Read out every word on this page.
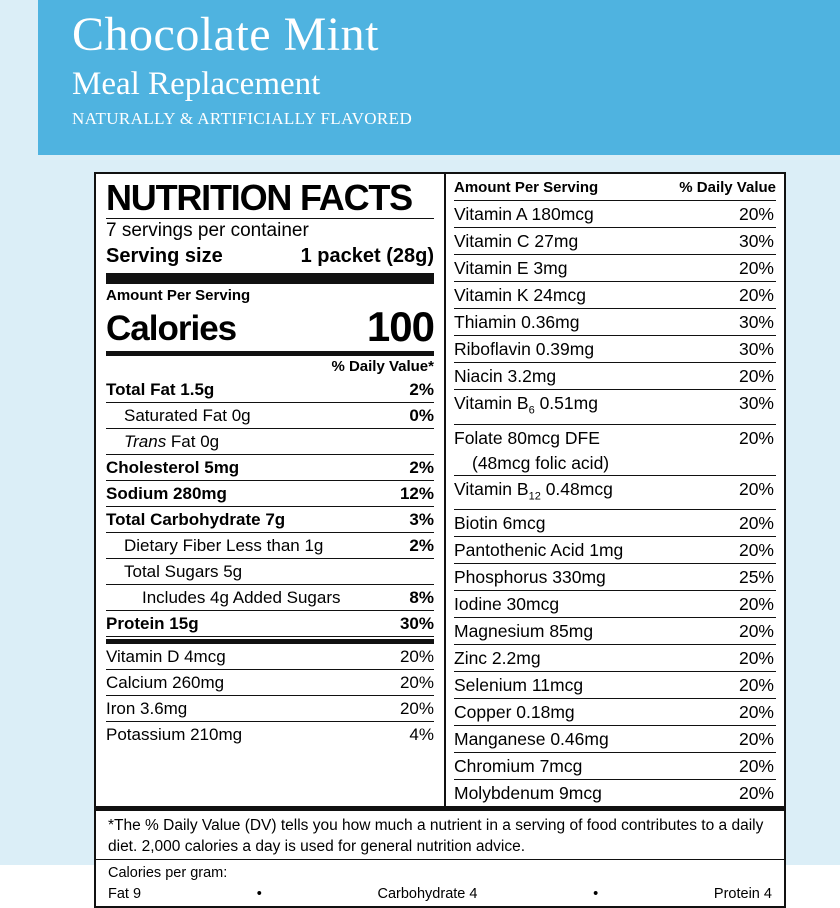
Chocolate Mint
Meal Replacement
NATURALLY & ARTIFICIALLY FLAVORED
NUTRITION FACTS
7 servings per container
Serving size	1 packet (28g)
Amount Per Serving
Calories	100
% Daily Value*
Total Fat 1.5g	2%
Saturated Fat 0g	0%
Trans Fat 0g
Cholesterol 5mg	2%
Sodium 280mg	12%
Total Carbohydrate 7g	3%
Dietary Fiber Less than 1g	2%
Total Sugars 5g
Includes 4g Added Sugars	8%
Protein 15g	30%
Vitamin D 4mcg	20%
Calcium 260mg	20%
Iron 3.6mg	20%
Potassium 210mg	4%
Amount Per Serving	% Daily Value
Vitamin A 180mcg	20%
Vitamin C 27mg	30%
Vitamin E 3mg	20%
Vitamin K 24mcg	20%
Thiamin 0.36mg	30%
Riboflavin 0.39mg	30%
Niacin 3.2mg	20%
Vitamin $B_6$ 0.51mg	30%
Folate 80mcg DFE	20%
(48mcg folic acid)
Vitamin $B_{12}$ 0.48mcg	20%
Biotin 6mcg	20%
Pantothenic Acid 1mg	20%
Phosphorus 330mg	25%
Iodine 30mcg	20%
Magnesium 85mg	20%
Zinc 2.2mg	20%
Selenium 11mcg	20%
Copper 0.18mg	20%
Manganese 0.46mg	20%
Chromium 7mcg	20%
Molybdenum 9mcg	20%
*The % Daily Value (DV) tells you how much a nutrient in a serving of food contributes to a daily diet. 2,000 calories a day is used for general nutrition advice.
Calories per gram:
Fat 9	•	Carbohydrate 4	•	Protein 4
